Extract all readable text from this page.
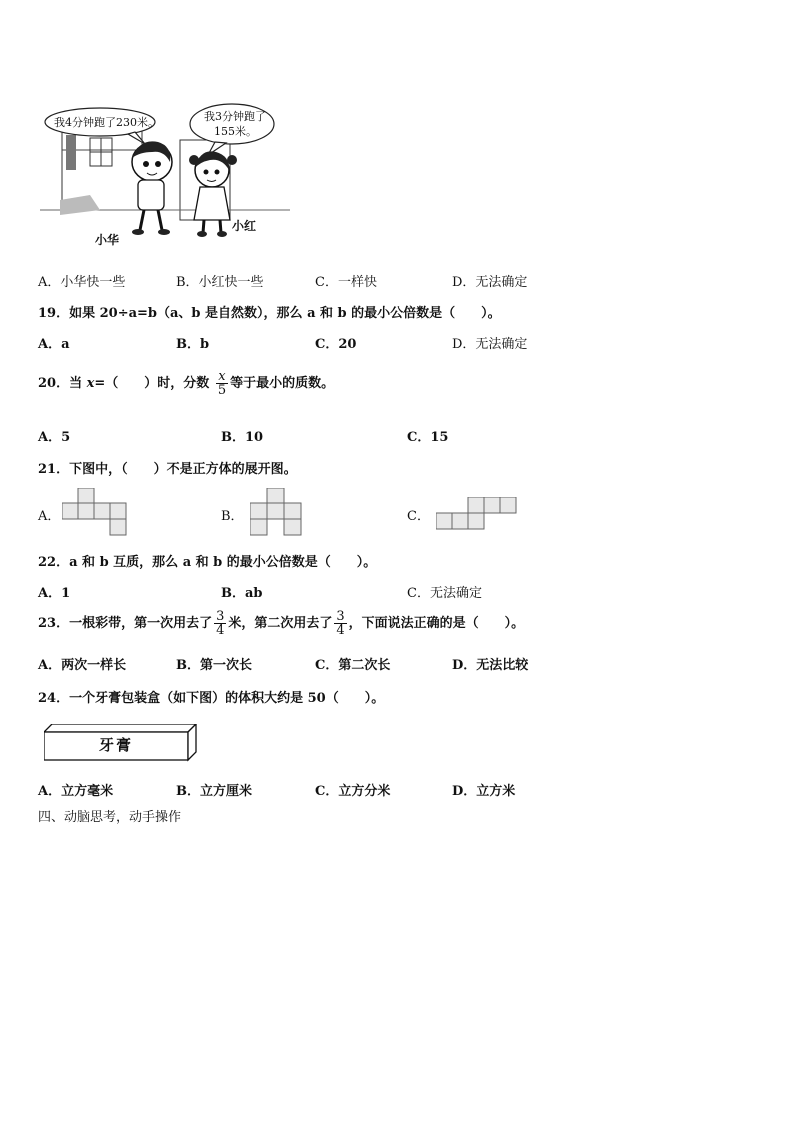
我4分钟跑了230米。	我3分钟跑了
155米。
小华
小红
A．小华快一些	B．小红快一些	C．一样快	D．无法确定
19．如果 20÷a=b（a、b 是自然数），那么 a 和 b 的最小公倍数是（　　）。
A．a	B．b	C．20	D．无法确定
20．当 x=（　　）时，分数 $\frac{x}{5}$ 等于最小的质数。
A．5	B．10	C．15
21．下图中，（　　）不是正方体的展开图。
A．	B．	C．
22．a 和 b 互质，那么 a 和 b 的最小公倍数是（　　）。
A．1	B．ab	C．无法确定
23．一根彩带，第一次用去了 $\frac{3}{4}$ 米，第二次用去了 $\frac{3}{4}$ ，下面说法正确的是（　　）。
A．两次一样长	B．第一次长	C．第二次长	D．无法比较
24．一个牙膏包装盒（如下图）的体积大约是 50（　　）。
牙膏
A．立方毫米	B．立方厘米	C．立方分米	D．立方米
四、动脑思考，动手操作
